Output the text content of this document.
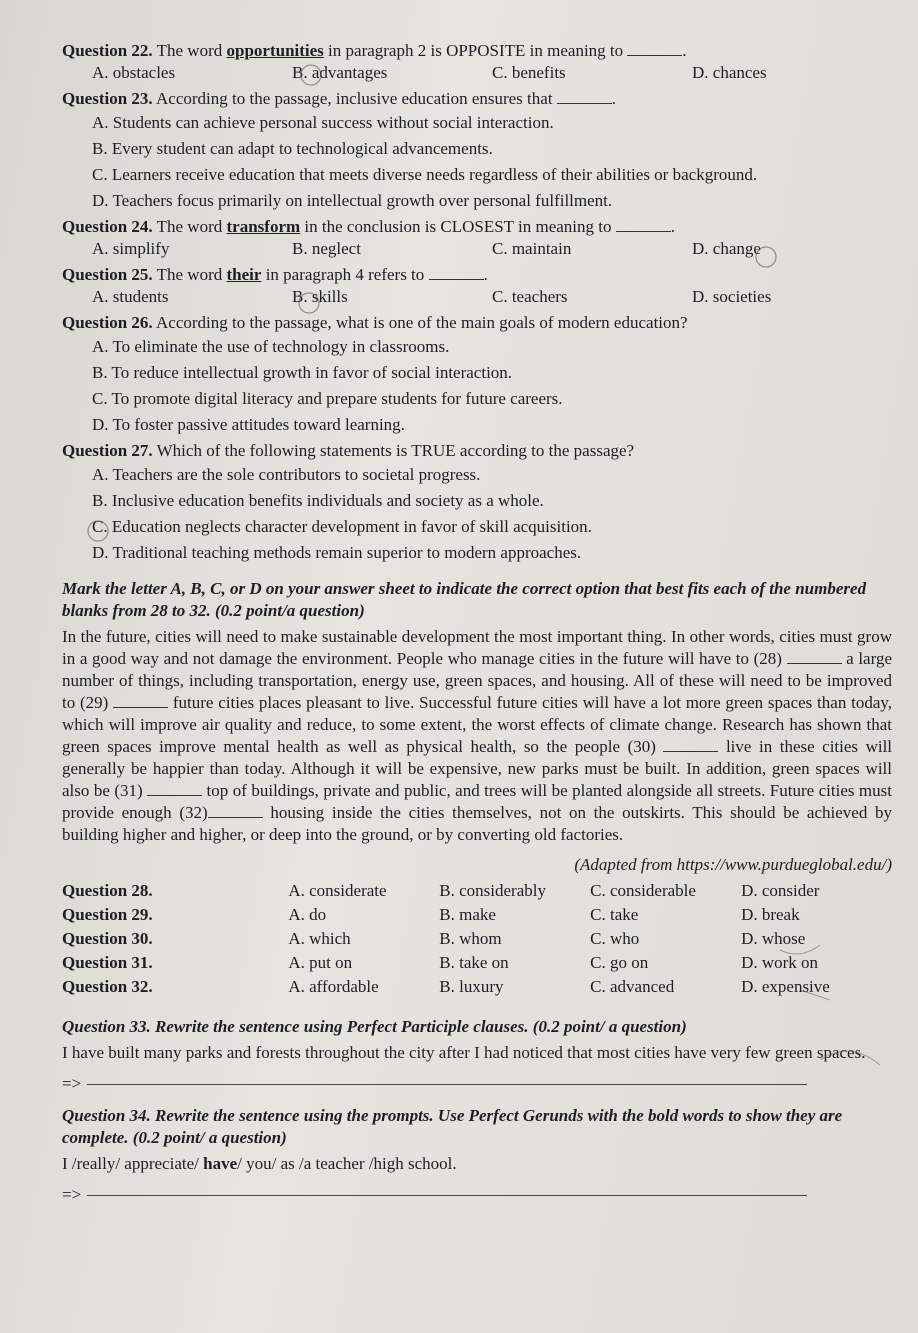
Question 22. The word opportunities in paragraph 2 is OPPOSITE in meaning to	.

A. obstacles	B. advantages	C. benefits	D. chances

Question 23. According to the passage, inclusive education ensures that	.

A. Students can achieve personal success without social interaction.
B. Every student can adapt to technological advancements.
C. Learners receive education that meets diverse needs regardless of their abilities or background.
D. Teachers focus primarily on intellectual growth over personal fulfillment.

Question 24. The word transform in the conclusion is CLOSEST in meaning to	.

A. simplify	B. neglect	C. maintain	D. change

Question 25. The word their in paragraph 4 refers to	.

A. students	B. skills	C. teachers	D. societies

Question 26. According to the passage, what is one of the main goals of modern education?

A. To eliminate the use of technology in classrooms.
B. To reduce intellectual growth in favor of social interaction.
C. To promote digital literacy and prepare students for future careers.
D. To foster passive attitudes toward learning.

Question 27. Which of the following statements is TRUE according to the passage?

A. Teachers are the sole contributors to societal progress.
B. Inclusive education benefits individuals and society as a whole.
C. Education neglects character development in favor of skill acquisition.
D. Traditional teaching methods remain superior to modern approaches.

Mark the letter A, B, C, or D on your answer sheet to indicate the correct option that best fits each of the numbered blanks from 28 to 32. (0.2 point/a question)

In the future, cities will need to make sustainable development the most important thing. In other words, cities must grow in a good way and not damage the environment. People who manage cities in the future will have to (28)	a large number of things, including transportation, energy use, green spaces, and housing. All of these will need to be improved to (29)	future cities places pleasant to live. Successful future cities will have a lot more green spaces than today, which will improve air quality and reduce, to some extent, the worst effects of climate change. Research has shown that green spaces improve mental health as well as physical health, so the people (30)	live in these cities will generally be happier than today. Although it will be expensive, new parks must be built. In addition, green spaces will also be (31)	top of buildings, private and public, and trees will be planted alongside all streets. Future cities must provide enough (32)	housing inside the cities themselves, not on the outskirts. This should be achieved by building higher and higher, or deep into the ground, or by converting old factories.

(Adapted from https://www.purdueglobal.edu/)

Question 28.	A. considerate	B. considerably	C. considerable	D. consider
Question 29.	A. do	B. make	C. take	D. break
Question 30.	A. which	B. whom	C. who	D. whose
Question 31.	A. put on	B. take on	C. go on	D. work on
Question 32.	A. affordable	B. luxury	C. advanced	D. expensive

Question 33. Rewrite the sentence using Perfect Participle clauses. (0.2 point/ a question)

I have built many parks and forests throughout the city after I had noticed that most cities have very few green spaces.

=>

Question 34. Rewrite the sentence using the prompts. Use Perfect Gerunds with the bold words to show they are complete. (0.2 point/ a question)

I /really/ appreciate/ have/ you/ as /a teacher /high school.

=>
